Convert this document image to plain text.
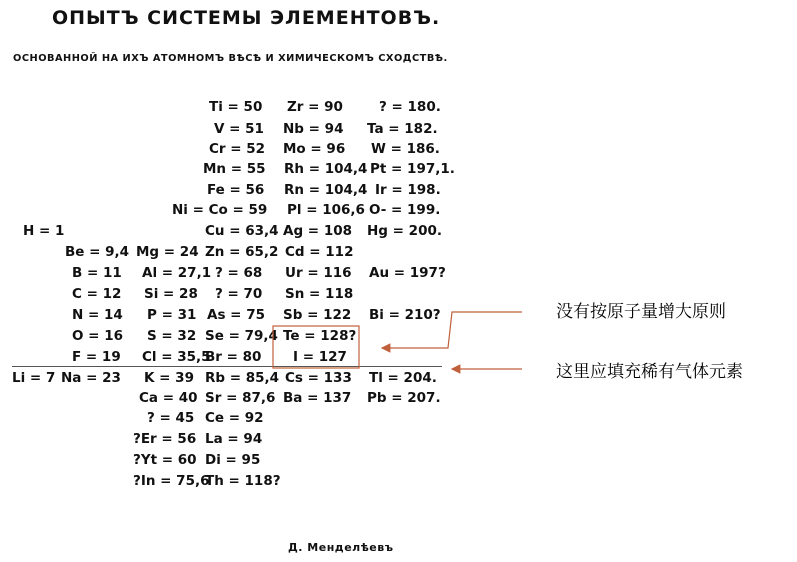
ОПЫТЪ СИСТЕМЫ ЭЛЕМЕНТОВЪ.
ОСНОВАННОЙ НА ИХЪ АТОМНОМЪ ВѢСѢ И ХИМИЧЕСКОМЪ СХОДСТВѢ.
Ti = 50 Zr = 90	? = 180.
V = 51 Nb = 94 Ta = 182.
Cr = 52 Mo = 96 W = 186.
Mn = 55 Rh = 104,4 Pt = 197,1.
Fe = 56 Rn = 104,4 Ir = 198.
Ni = Co = 59 Pl = 106,6 O- = 199.
H = 1	Cu = 63,4 Ag = 108 Hg = 200.
Be = 9,4 Mg = 24 Zn = 65,2 Cd = 112
B = 11 Al = 27,1 ? = 68 Ur = 116 Au = 197?
C = 12 Si = 28 ? = 70 Sn = 118
N = 14 P = 31 As = 75 Sb = 122 Bi = 210?
O = 16 S = 32 Se = 79,4 Te = 128?
F = 19 Cl = 35,5
Br = 80 I = 127
Li = 7 Na = 23 K = 39 Rb = 85,4 Cs = 133 Tl = 204.
Ca = 40 Sr = 87,6 Ba = 137 Pb = 207.
? = 45 Ce = 92
?Er = 56 La = 94
?Yt = 60 Di = 95
?In = 75,6
Th = 118?
Д. Менделѣевъ
没有按原子量增大原则
这里应填充稀有气体元素
